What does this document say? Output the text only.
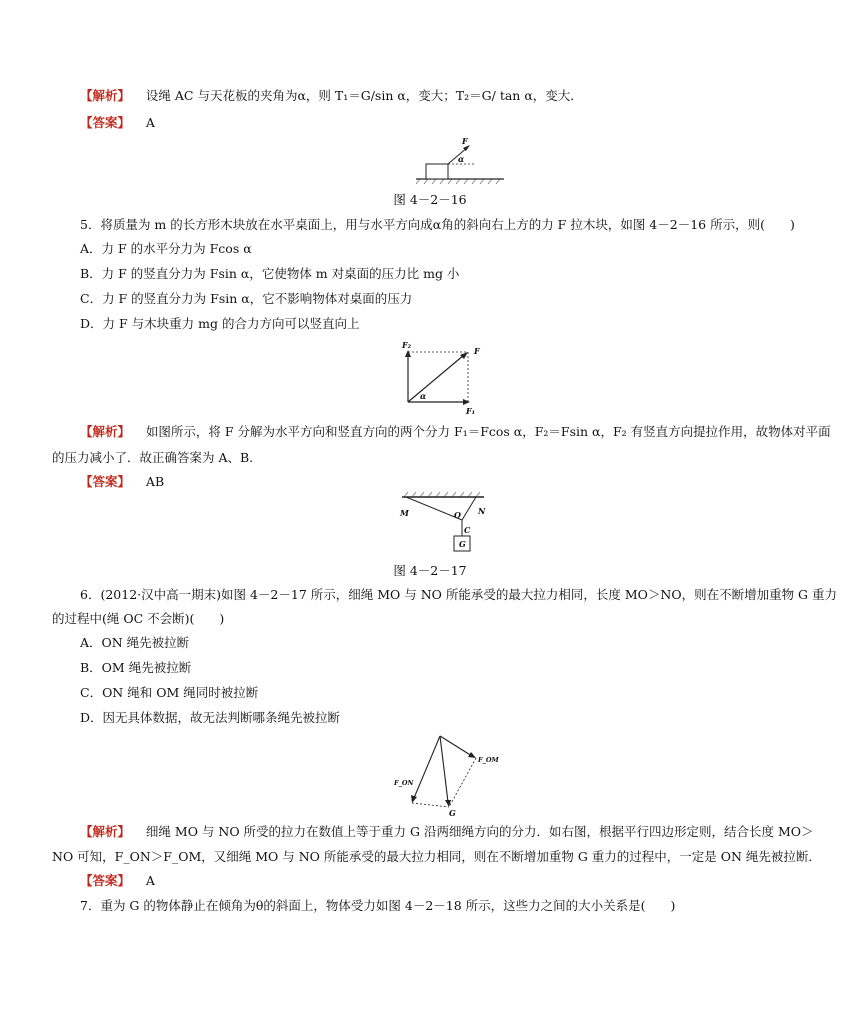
【解析】 设绳 AC 与天花板的夹角为α，则 T₁＝G/sin α，变大；T₂＝G/ tan α，变大．
【答案】 A
F
α
图 4－2－16
5．将质量为 m 的长方形木块放在水平桌面上，用与水平方向成α角的斜向右上方的力 F 拉木块，如图 4－2－16 所示，则(　　)
A．力 F 的水平分力为 Fcos α
B．力 F 的竖直分力为 Fsin α，它使物体 m 对桌面的压力比 mg 小
C．力 F 的竖直分力为 Fsin α，它不影响物体对桌面的压力
D．力 F 与木块重力 mg 的合力方向可以竖直向上
F₂
F
F₁
α
【解析】 如图所示，将 F 分解为水平方向和竖直方向的两个分力 F₁＝Fcos α，F₂＝Fsin α，F₂ 有竖直方向提拉作用，故物体对平面
的压力减小了．故正确答案为 A、B.
【答案】 AB
M	O N
C
G
图 4－2－17
6．(2012·汉中高一期末)如图 4－2－17 所示，细绳 MO 与 NO 所能承受的最大拉力相同，长度 MO＞NO，则在不断增加重物 G 重力
的过程中(绳 OC 不会断)(　　)
A．ON 绳先被拉断
B．OM 绳先被拉断
C．ON 绳和 OM 绳同时被拉断
D．因无具体数据，故无法判断哪条绳先被拉断
F_OM
F_ON
G
【解析】 细绳 MO 与 NO 所受的拉力在数值上等于重力 G 沿两细绳方向的分力．如右图，根据平行四边形定则，结合长度 MO＞
NO 可知，F_ON＞F_OM，又细绳 MO 与 NO 所能承受的最大拉力相同，则在不断增加重物 G 重力的过程中，一定是 ON 绳先被拉断．
【答案】 A
7．重为 G 的物体静止在倾角为θ的斜面上，物体受力如图 4－2－18 所示，这些力之间的大小关系是(　　)
